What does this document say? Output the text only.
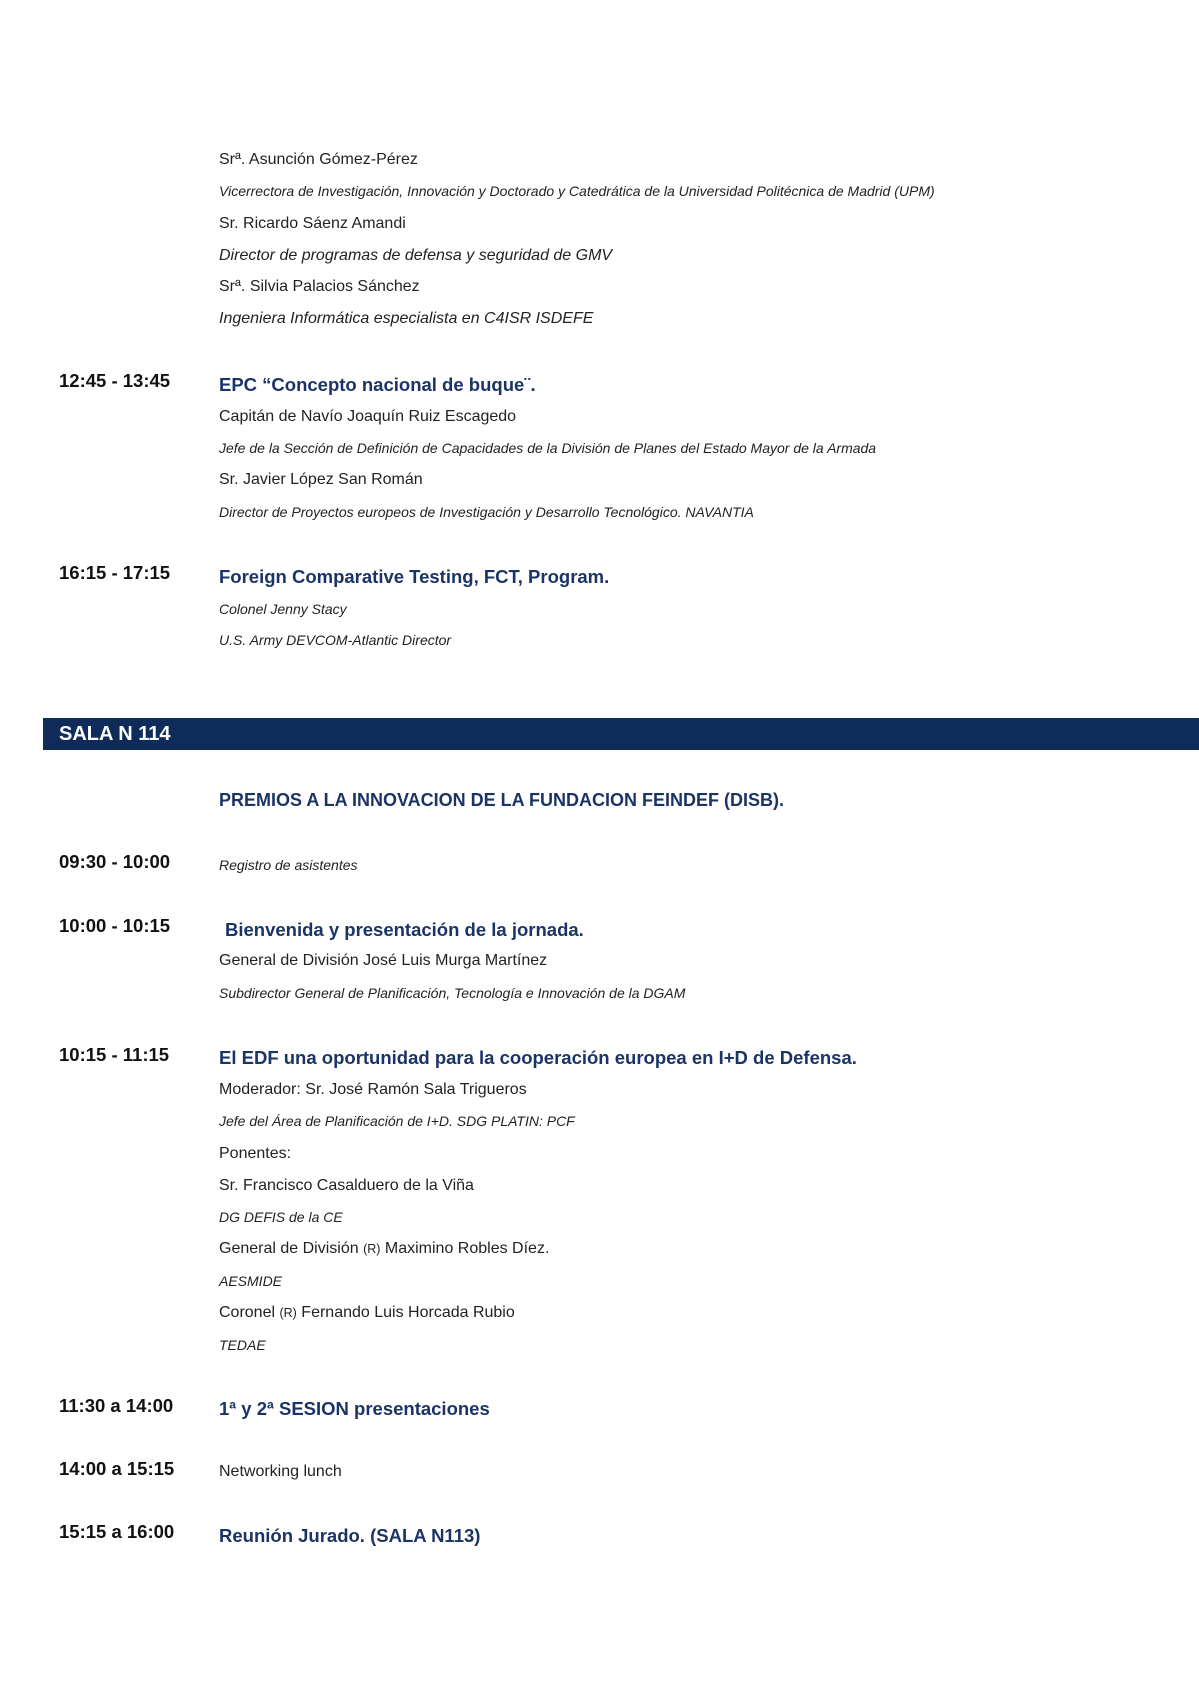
Srª. Asunción Gómez-Pérez
Vicerrectora de Investigación, Innovación y Doctorado y Catedrática de la Universidad Politécnica de Madrid (UPM)
Sr. Ricardo Sáenz Amandi
Director de programas de defensa y seguridad de GMV
Srª. Silvia Palacios Sánchez
Ingeniera Informática especialista en C4ISR ISDEFE
12:45 - 13:45	EPC “Concepto nacional de buque¨.
Capitán de Navío Joaquín Ruiz Escagedo
Jefe de la Sección de Definición de Capacidades de la División de Planes del Estado Mayor de la Armada
Sr. Javier López San Román
Director de Proyectos europeos de Investigación y Desarrollo Tecnológico. NAVANTIA
16:15 - 17:15	Foreign Comparative Testing, FCT, Program.
Colonel Jenny Stacy
U.S. Army DEVCOM-Atlantic Director
SALA N 114
PREMIOS A LA INNOVACION DE LA FUNDACION FEINDEF (DISB).
09:30 - 10:00	Registro de asistentes
10:00 - 10:15	Bienvenida y presentación de la jornada.
General de División José Luis Murga Martínez
Subdirector General de Planificación, Tecnología e Innovación de la DGAM
10:15 - 11:15	El EDF una oportunidad para la cooperación europea en I+D de Defensa.
Moderador: Sr. José Ramón Sala Trigueros
Jefe del Área de Planificación de I+D. SDG PLATIN: PCF
Ponentes:
Sr. Francisco Casalduero de la Viña
DG DEFIS de la CE
General de División (R) Maximino Robles Díez.
AESMIDE
Coronel (R) Fernando Luis Horcada Rubio
TEDAE
11:30 a 14:00 1ª y 2ª SESION presentaciones
14:00 a 15:15	Networking lunch
15:15 a 16:00 Reunión Jurado. (SALA N113)
